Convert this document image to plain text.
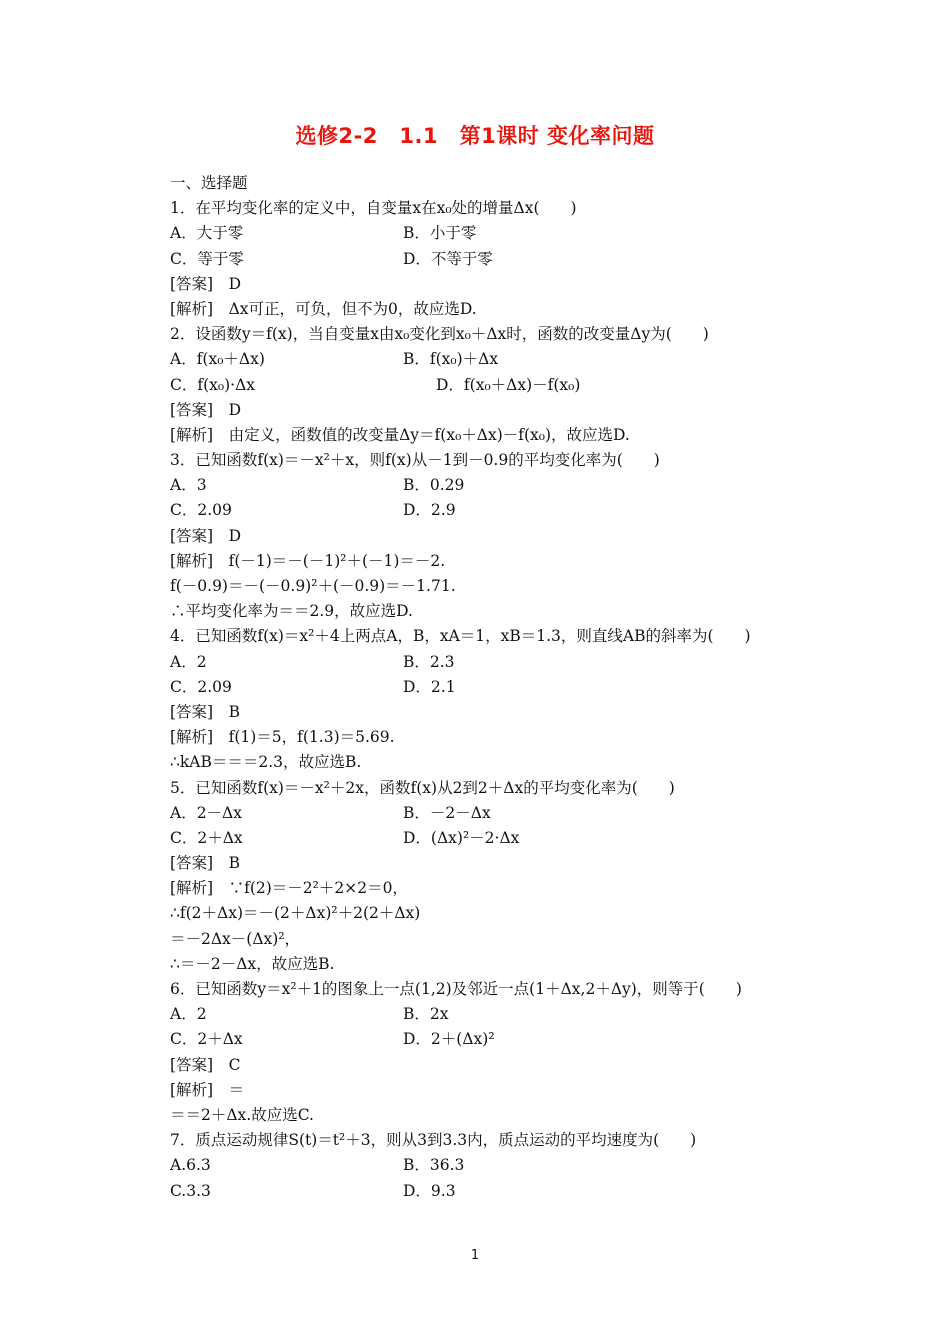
选修2-2　1.1　第1课时 变化率问题
一、选择题
1．在平均变化率的定义中，自变量x在x₀处的增量Δx(　　)
A．大于零	B．小于零
C．等于零	D．不等于零
[答案]　D
[解析]　Δx可正，可负，但不为0，故应选D.
2．设函数y＝f(x)，当自变量x由x₀变化到x₀＋Δx时，函数的改变量Δy为(　　)
A．f(x₀＋Δx)	B．f(x₀)＋Δx
C．f(x₀)·Δx	D．f(x₀＋Δx)－f(x₀)
[答案]　D
[解析]　由定义，函数值的改变量Δy＝f(x₀＋Δx)－f(x₀)，故应选D.
3．已知函数f(x)＝－x²＋x，则f(x)从－1到－0.9的平均变化率为(　　)
A．3	B．0.29
C．2.09	D．2.9
[答案]　D
[解析]　f(－1)＝－(－1)²＋(－1)＝－2.
f(－0.9)＝－(－0.9)²＋(－0.9)＝－1.71.
∴平均变化率为＝＝2.9，故应选D.
4．已知函数f(x)＝x²＋4上两点A，B，xA＝1，xB＝1.3，则直线AB的斜率为(　　)
A．2	B．2.3
C．2.09	D．2.1
[答案]　B
[解析]　f(1)＝5，f(1.3)＝5.69.
∴kAB＝＝＝2.3，故应选B.
5．已知函数f(x)＝－x²＋2x，函数f(x)从2到2＋Δx的平均变化率为(　　)
A．2－Δx	B．－2－Δx
C．2＋Δx	D．(Δx)²－2·Δx
[答案]　B
[解析]　∵f(2)＝－2²＋2×2＝0，
∴f(2＋Δx)＝－(2＋Δx)²＋2(2＋Δx)
＝－2Δx－(Δx)²，
∴＝－2－Δx，故应选B.
6．已知函数y＝x²＋1的图象上一点(1,2)及邻近一点(1＋Δx,2＋Δy)，则等于(　　)
A．2	B．2x
C．2＋Δx	D．2＋(Δx)²
[答案]　C
[解析]　＝
＝＝2＋Δx.故应选C.
7．质点运动规律S(t)＝t²＋3，则从3到3.3内，质点运动的平均速度为(　　)
A.6.3	B．36.3
C.3.3	D．9.3
1
